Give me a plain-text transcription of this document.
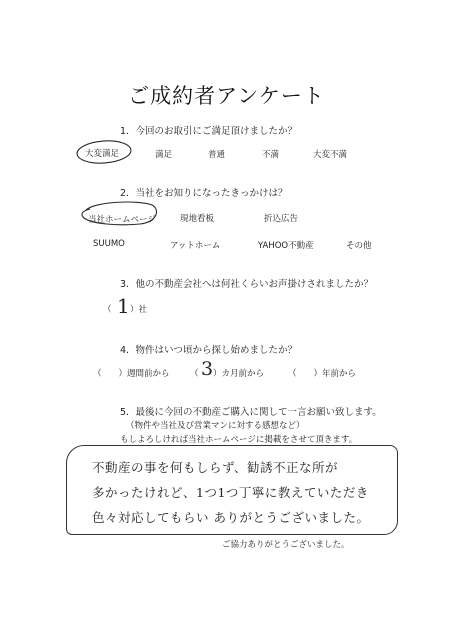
ご成約者アンケート
1．今回のお取引にご満足頂けましたか？
大変満足	満足	普通	不満	大変不満
2．当社をお知りになったきっかけは？
当社ホームページ	現地看板	折込広告
SUUMO	アットホーム	YAHOO不動産	その他
3．他の不動産会社へは何社くらいお声掛けされましたか？
（ 1 ）社
4．物件はいつ頃から探し始めましたか？
（　　）週間前から （ 3 ）カ月前から	（　　）年前から
5．最後に今回の不動産ご購入に関して一言お願い致します。
（物件や当社及び営業マンに対する感想など）
もしよろしければ当社ホームページに掲載をさせて頂きます。
不動産の事を何もしらず、勧誘不正な所が
多かったけれど、1つ1つ丁寧に教えていただき
色々対応してもらい ありがとうございました。
ご協力ありがとうございました。
